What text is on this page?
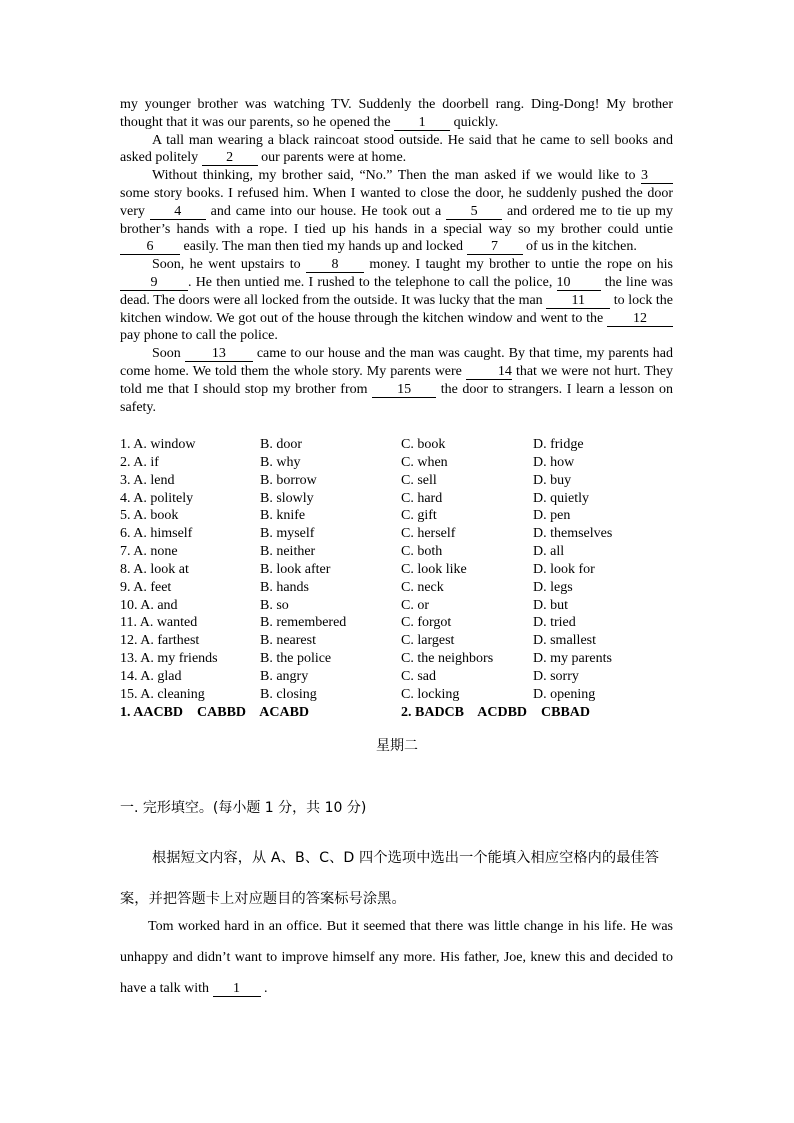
my younger brother was watching TV. Suddenly the doorbell rang. Ding-Dong! My brother thought that it was our parents, so he opened the 1 quickly.

A tall man wearing a black raincoat stood outside. He said that he came to sell books and asked politely 2 our parents were at home.

Without thinking, my brother said, “No.” Then the man asked if we would like to 3 some story books. I refused him. When I wanted to close the door, he suddenly pushed the door very 4 and came into our house. He took out a 5 and ordered me to tie up my brother’s hands with a rope. I tied up his hands in a special way so my brother could untie 6 easily. The man then tied my hands up and locked 7 of us in the kitchen.

Soon, he went upstairs to 8 money. I taught my brother to untie the rope on his 9 . He then untied me. I rushed to the telephone to call the police, 10 the line was dead. The doors were all locked from the outside. It was lucky that the man 11 to lock the kitchen window. We got out of the house through the kitchen window and went to the 12 pay phone to call the police.

Soon 13 came to our house and the man was caught. By that time, my parents had come home. We told them the whole story. My parents were 14 that we were not hurt. They told me that I should stop my brother from 15 the door to strangers. I learn a lesson on safety.

1. A. window	B. door	C. book	D. fridge
2. A. if	B. why	C. when	D. how
3. A. lend	B. borrow	C. sell	D. buy
4. A. politely	B. slowly	C. hard	D. quietly
5. A. book	B. knife	C. gift	D. pen
6. A. himself	B. myself	C. herself	D. themselves
7. A. none	B. neither	C. both	D. all
8. A. look at	B. look after	C. look like	D. look for
9. A. feet	B. hands	C. neck	D. legs
10. A. and	B. so	C. or	D. but
11. A. wanted	B. remembered	C. forgot	D. tried
12. A. farthest	B. nearest	C. largest	D. smallest
13. A. my friends	B. the police	C. the neighbors	D. my parents
14. A. glad	B. angry	C. sad	D. sorry
15. A. cleaning	B. closing	C. locking	D. opening
1. AACBD    CABBD    ACABD	2. BADCB    ACDBD    CBBAD
星期二
一. 完形填空。(每小题 1 分，共 10 分)
根据短文内容，从 A、B、C、D 四个选项中选出一个能填入相应空格内的最佳答案，并把答题卡上对应题目的答案标号涂黑。

Tom worked hard in an office. But it seemed that there was little change in his life. He was unhappy and didn’t want to improve himself any more. His father, Joe, knew this and decided to have a talk with 1 .
